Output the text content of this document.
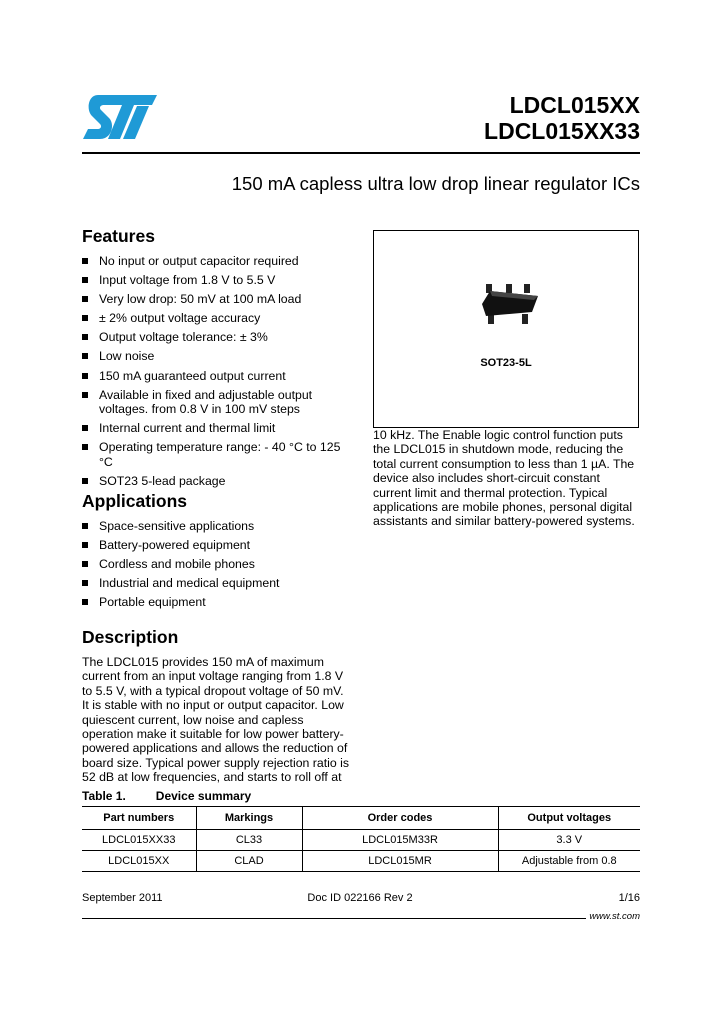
LDCL015XX
LDCL015XX33
150 mA capless ultra low drop linear regulator ICs
Features
No input or output capacitor required
Input voltage from 1.8 V to 5.5 V
Very low drop: 50 mV at 100 mA load
± 2% output voltage accuracy
Output voltage tolerance: ± 3%
Low noise
150 mA guaranteed output current
Available in fixed and adjustable output voltages. from 0.8 V in 100 mV steps
Internal current and thermal limit
Operating temperature range: - 40 °C to 125 °C
SOT23 5-lead package
Applications
Space-sensitive applications
Battery-powered equipment
Cordless and mobile phones
Industrial and medical equipment
Portable equipment
SOT23-5L
Description

The LDCL015 provides 150 mA of maximum current from an input voltage ranging from 1.8 V to 5.5 V, with a typical dropout voltage of 50 mV. It is stable with no input or output capacitor. Low quiescent current, low noise and capless operation make it suitable for low power battery-powered applications and allows the reduction of board size. Typical power supply rejection ratio is 52 dB at low frequencies, and starts to roll off at

10 kHz. The Enable logic control function puts the LDCL015 in shutdown mode, reducing the total current consumption to less than 1 µA. The device also includes short-circuit constant current limit and thermal protection. Typical applications are mobile phones, personal digital assistants and similar battery-powered systems.

Table 1.	Device summary
Part numbers	Markings	Order codes	Output voltages
LDCL015XX33	CL33	LDCL015M33R	3.3 V
LDCL015XX	CLAD	LDCL015MR	Adjustable from 0.8
September 2011	Doc ID 022166 Rev 2	1/16
www.st.com
